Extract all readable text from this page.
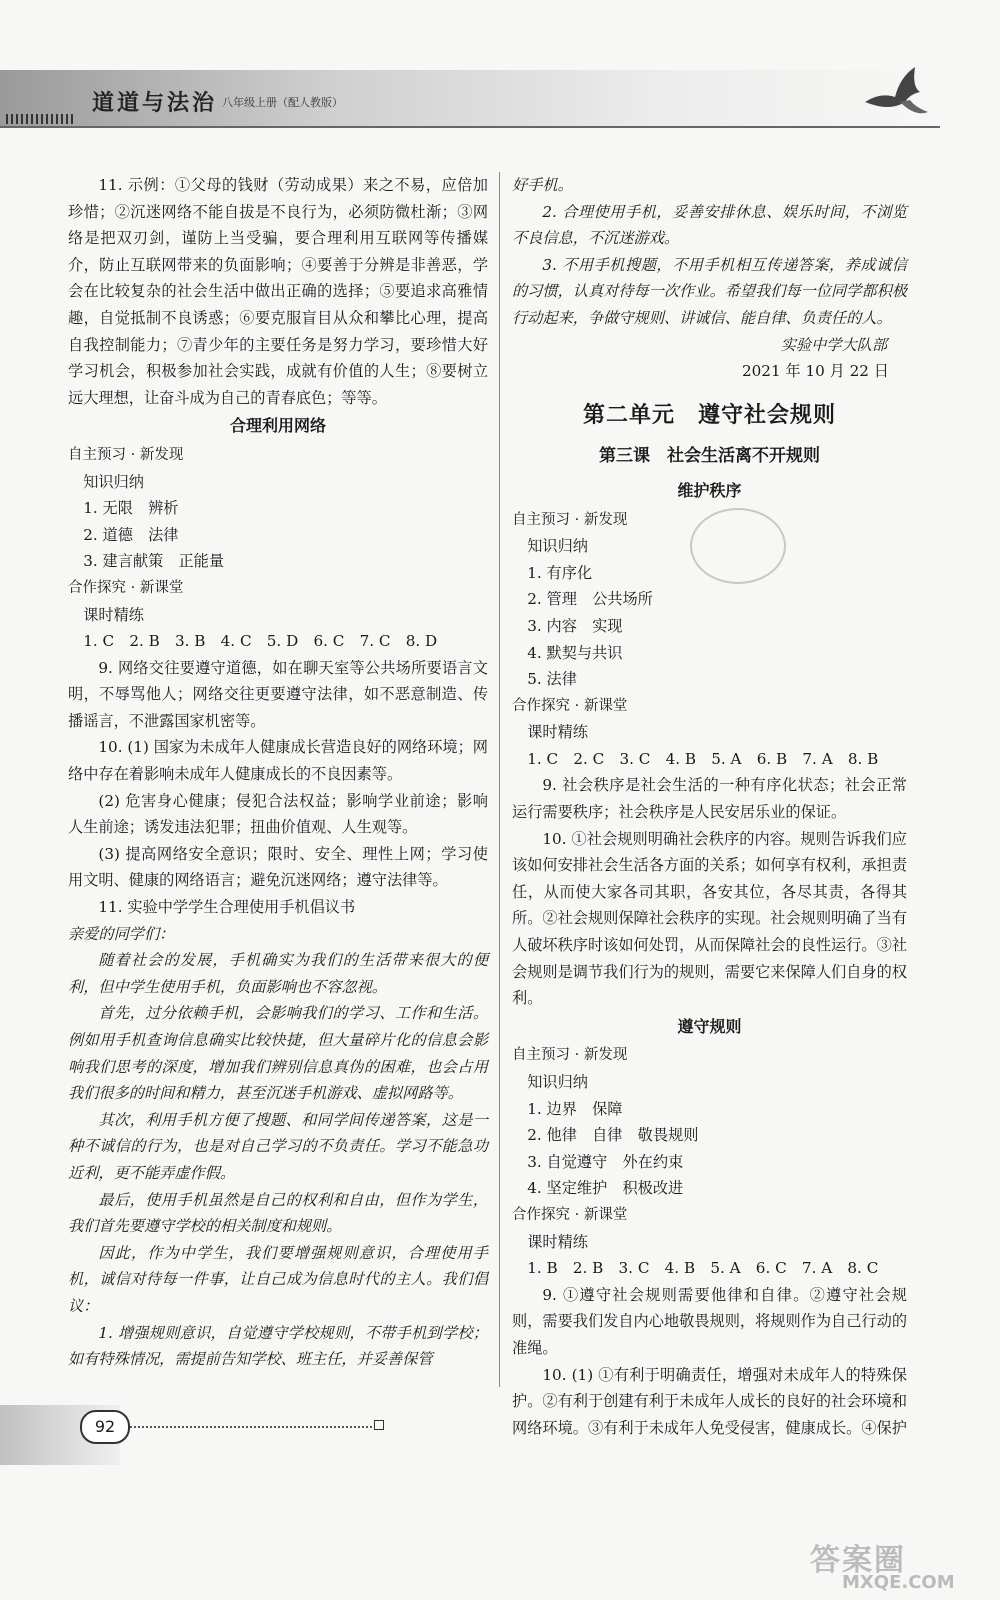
道道与法治 八年级上册（配人教版）

11. 示例：①父母的钱财（劳动成果）来之不易，应倍加珍惜；②沉迷网络不能自拔是不良行为，必须防微杜渐；③网络是把双刃剑，谨防上当受骗，要合理利用互联网等传播媒介，防止互联网带来的负面影响；④要善于分辨是非善恶，学会在比较复杂的社会生活中做出正确的选择；⑤要追求高雅情趣，自觉抵制不良诱惑；⑥要克服盲目从众和攀比心理，提高自我控制能力；⑦青少年的主要任务是努力学习，要珍惜大好学习机会，积极参加社会实践，成就有价值的人生；⑧要树立远大理想，让奋斗成为自己的青春底色；等等。

合理利用网络

自主预习 · 新发现

知识归纳

1. 无限　辨析

2. 道德　法律

3. 建言献策　正能量

合作探究 · 新课堂

课时精练

1. C　2. B　3. B　4. C　5. D　6. C　7. C　8. D

9. 网络交往要遵守道德，如在聊天室等公共场所要语言文明，不辱骂他人；网络交往更要遵守法律，如不恶意制造、传播谣言，不泄露国家机密等。

10. (1) 国家为未成年人健康成长营造良好的网络环境；网络中存在着影响未成年人健康成长的不良因素等。

(2) 危害身心健康；侵犯合法权益；影响学业前途；影响人生前途；诱发违法犯罪；扭曲价值观、人生观等。

(3) 提高网络安全意识；限时、安全、理性上网；学习使用文明、健康的网络语言；避免沉迷网络；遵守法律等。

11. 实验中学学生合理使用手机倡议书

亲爱的同学们：

随着社会的发展，手机确实为我们的生活带来很大的便利，但中学生使用手机，负面影响也不容忽视。

首先，过分依赖手机，会影响我们的学习、工作和生活。例如用手机查询信息确实比较快捷，但大量碎片化的信息会影响我们思考的深度，增加我们辨别信息真伪的困难，也会占用我们很多的时间和精力，甚至沉迷手机游戏、虚拟网路等。

其次，利用手机方便了搜题、和同学间传递答案，这是一种不诚信的行为，也是对自己学习的不负责任。学习不能急功近利，更不能弄虚作假。

最后，使用手机虽然是自己的权利和自由，但作为学生，我们首先要遵守学校的相关制度和规则。

因此，作为中学生，我们要增强规则意识，合理使用手机，诚信对待每一件事，让自己成为信息时代的主人。我们倡议：

1. 增强规则意识，自觉遵守学校规则，不带手机到学校；如有特殊情况，需提前告知学校、班主任，并妥善保管

好手机。

2. 合理使用手机，妥善安排休息、娱乐时间，不浏览不良信息，不沉迷游戏。

3. 不用手机搜题，不用手机相互传递答案，养成诚信的习惯，认真对待每一次作业。希望我们每一位同学都积极行动起来，争做守规则、讲诚信、能自律、负责任的人。

实验中学大队部

2021 年 10 月 22 日

第二单元　遵守社会规则

第三课　社会生活离不开规则

维护秩序

自主预习 · 新发现

知识归纳

1. 有序化

2. 管理　公共场所

3. 内容　实现

4. 默契与共识

5. 法律

合作探究 · 新课堂

课时精练

1. C　2. C　3. C　4. B　5. A　6. B　7. A　8. B

9. 社会秩序是社会生活的一种有序化状态；社会正常运行需要秩序；社会秩序是人民安居乐业的保证。

10. ①社会规则明确社会秩序的内容。规则告诉我们应该如何安排社会生活各方面的关系；如何享有权利，承担责任，从而使大家各司其职，各安其位，各尽其责，各得其所。②社会规则保障社会秩序的实现。社会规则明确了当有人破坏秩序时该如何处罚，从而保障社会的良性运行。③社会规则是调节我们行为的规则，需要它来保障人们自身的权利。

遵守规则

自主预习 · 新发现

知识归纳

1. 边界　保障

2. 他律　自律　敬畏规则

3. 自觉遵守　外在约束

4. 坚定维护　积极改进

合作探究 · 新课堂

课时精练

1. B　2. B　3. C　4. B　5. A　6. C　7. A　8. C

9. ①遵守社会规则需要他律和自律。②遵守社会规则，需要我们发自内心地敬畏规则，将规则作为自己行动的准绳。

10. (1) ①有利于明确责任，增强对未成年人的特殊保护。②有利于创建有利于未成年人成长的良好的社会环境和网络环境。③有利于未成年人免受侵害，健康成长。④保护

92
答案圈
MXQE.COM
